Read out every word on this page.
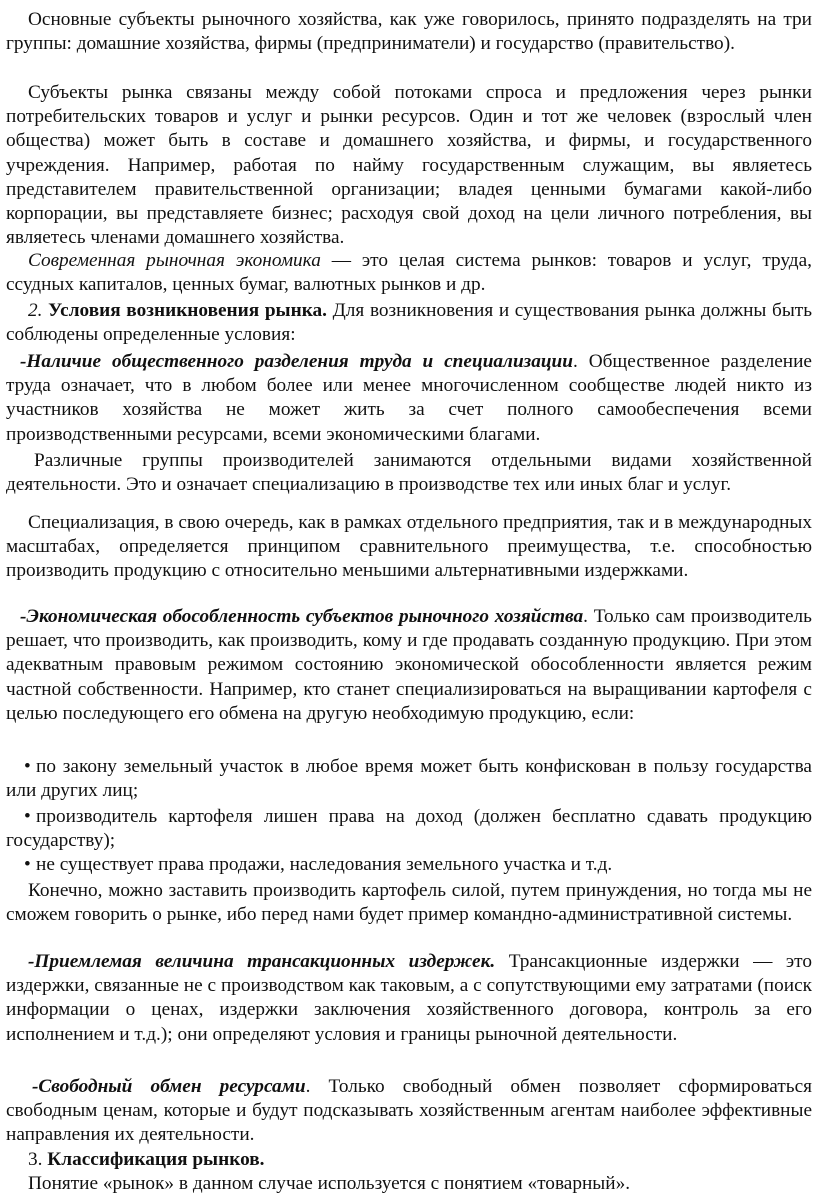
Основные субъекты рыночного хозяйства, как уже говорилось, принято подразделять на три группы: домашние хозяйства, фирмы (предприниматели) и государство (правительство).

Субъекты рынка связаны между собой потоками спроса и предложения через рынки потребительских товаров и услуг и рынки ресурсов. Один и тот же человек (взрослый член общества) может быть в составе и домашнего хозяйства, и фирмы, и государственного учреждения. Например, работая по найму государственным служащим, вы являетесь представителем правительственной организации; владея ценными бумагами какой-либо корпорации, вы представляете бизнес; расходуя свой доход на цели личного потребления, вы являетесь членами домашнего хозяйства.

Современная рыночная экономика — это целая система рынков: товаров и услуг, труда, ссудных капиталов, ценных бумаг, валютных рынков и др.

2. Условия возникновения рынка. Для возникновения и существования рынка должны быть соблюдены определенные условия:

-Наличие общественного разделения труда и специализации. Общественное разделение труда означает, что в любом более или менее многочисленном сообществе людей никто из участников хозяйства не может жить за счет полного самообеспечения всеми производственными ресурсами, всеми экономическими благами.

Различные группы производителей занимаются отдельными видами хозяйственной деятельности. Это и означает специализацию в производстве тех или иных благ и услуг.

Специализация, в свою очередь, как в рамках отдельного предприятия, так и в международных масштабах, определяется принципом сравнительного преимущества, т.е. способностью производить продукцию с относительно меньшими альтернативными издержками.

-Экономическая обособленность субъектов рыночного хозяйства. Только сам производитель решает, что производить, как производить, кому и где продавать созданную продукцию. При этом адекватным правовым режимом состоянию экономической обособленности является режим частной собственности. Например, кто станет специализироваться на выращивании картофеля с целью последующего его обмена на другую необходимую продукцию, если:

• по закону земельный участок в любое время может быть конфискован в пользу государства или других лиц;

• производитель картофеля лишен права на доход (должен бесплатно сдавать продукцию государству);

• не существует права продажи, наследования земельного участка и т.д.

Конечно, можно заставить производить картофель силой, путем принуждения, но тогда мы не сможем говорить о рынке, ибо перед нами будет пример командно-административной системы.

-Приемлемая величина трансакционных издержек. Трансакционные издержки — это издержки, связанные не с производством как таковым, а с сопутствующими ему затратами (поиск информации о ценах, издержки заключения хозяйственного договора, контроль за его исполнением и т.д.); они определяют условия и границы рыночной деятельности.

-Свободный обмен ресурсами. Только свободный обмен позволяет сформироваться свободным ценам, которые и будут подсказывать хозяйственным агентам наиболее эффективные направления их деятельности.

3. Классификация рынков.

Понятие «рынок» в данном случае используется с понятием «товарный».
